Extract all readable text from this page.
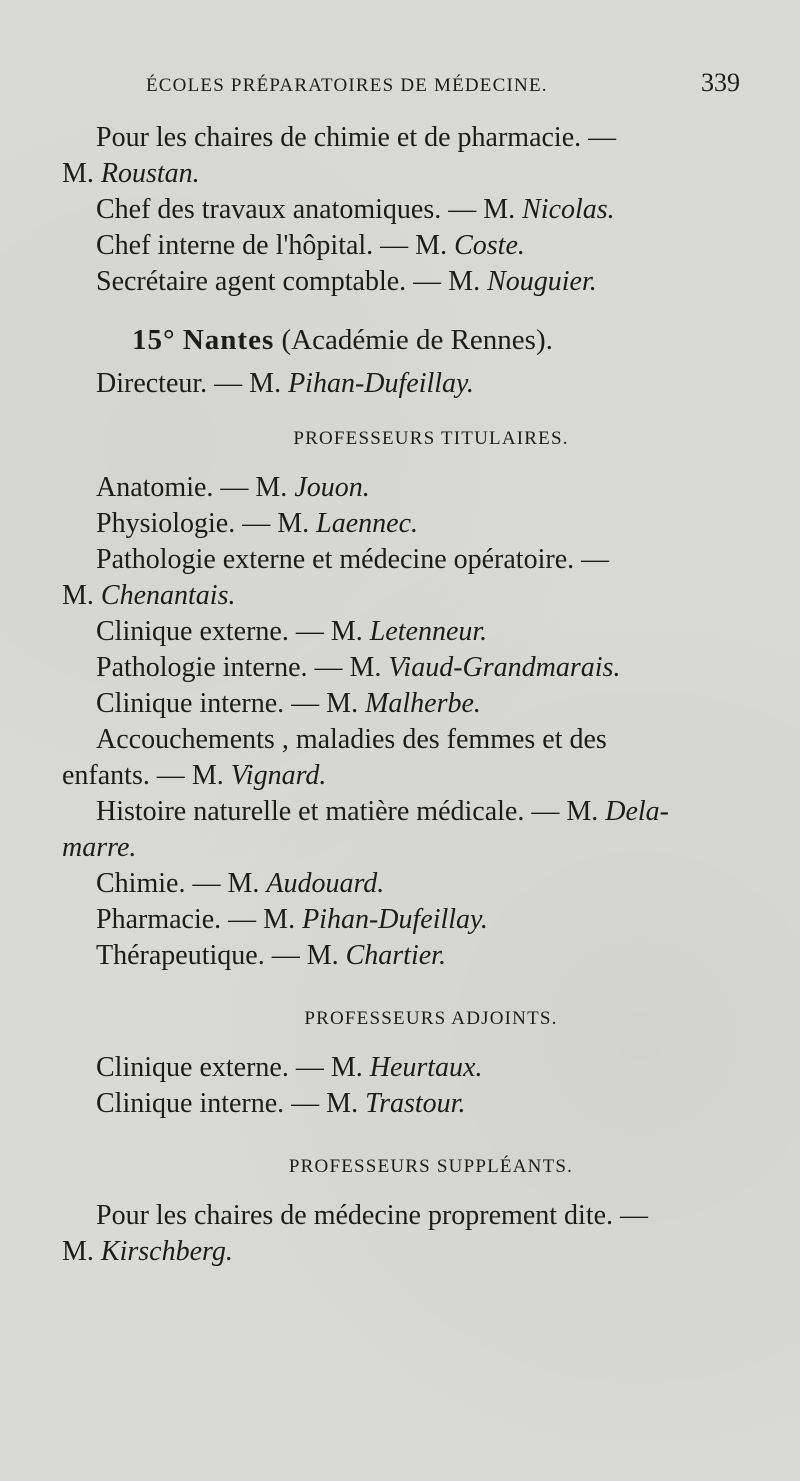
ÉCOLES PRÉPARATOIRES DE MÉDECINE.	339
Pour les chaires de chimie et de pharmacie. —
M. Roustan.
Chef des travaux anatomiques. — M. Nicolas.
Chef interne de l'hôpital. — M. Coste.
Secrétaire agent comptable. — M. Nouguier.
15° Nantes (Académie de Rennes).
Directeur. — M. Pihan-Dufeillay.
PROFESSEURS TITULAIRES.
Anatomie. — M. Jouon.
Physiologie. — M. Laennec.
Pathologie externe et médecine opératoire. —
M. Chenantais.
Clinique externe. — M. Letenneur.
Pathologie interne. — M. Viaud-Grandmarais.
Clinique interne. — M. Malherbe.
Accouchements , maladies des femmes et des
enfants. — M. Vignard.
Histoire naturelle et matière médicale. — M. Dela-
marre.
Chimie. — M. Audouard.
Pharmacie. — M. Pihan-Dufeillay.
Thérapeutique. — M. Chartier.
PROFESSEURS ADJOINTS.
Clinique externe. — M. Heurtaux.
Clinique interne. — M. Trastour.
PROFESSEURS SUPPLÉANTS.
Pour les chaires de médecine proprement dite. —
M. Kirschberg.
